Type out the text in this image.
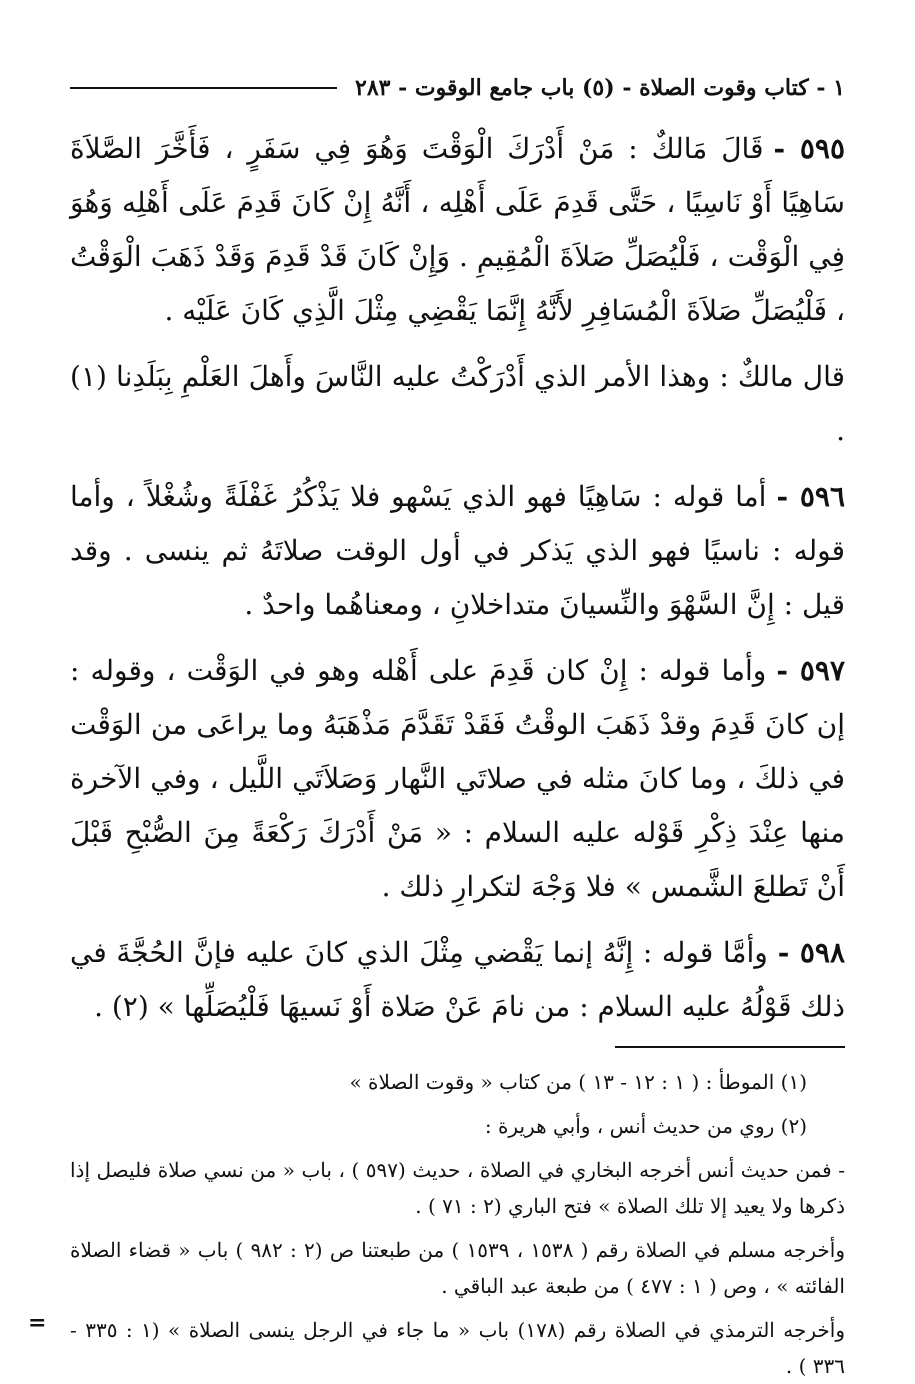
١ - كتاب وقوت الصلاة - (٥) باب جامع الوقوت - ٢٨٣

٥٩٥ -قَالَ مَالكٌ : مَنْ أَدْرَكَ الْوَقْتَ وَهُوَ فِي سَفَرٍ ، فَأَخَّرَ الصَّلاَةَ سَاهِيًا أَوْ نَاسِيًا ، حَتَّى قَدِمَ عَلَى أَهْلِه ، أَنَّهُ إِنْ كَانَ قَدِمَ عَلَى أَهْلِه وَهُوَ فِي الْوَقْت ، فَلْيُصَلِّ صَلاَةَ الْمُقِيمِ . وَإِنْ كَانَ قَدْ قَدِمَ وَقَدْ ذَهَبَ الْوَقْتُ ، فَلْيُصَلِّ صَلاَةَ الْمُسَافِرِ لأَنَّهُ إِنَّمَا يَقْضِي مِثْلَ الَّذِي كَانَ عَلَيْه .

قال مالكٌ : وهذا الأمر الذي أَدْرَكْتُ عليه النَّاسَ وأَهلَ العَلْمِ بِبَلَدِنا (١) .

٥٩٦ -أما قوله : سَاهِيًا فهو الذي يَسْهو فلا يَذْكُرُ غَفْلَةً وشُغْلاً ، وأما قوله : ناسيًا فهو الذي يَذكر في أول الوقت صلاتَهُ ثم ينسى . وقد قيل : إِنَّ السَّهْوَ والنِّسيانَ متداخلانِ ، ومعناهُما واحدٌ .

٥٩٧ -وأما قوله : إِنْ كان قَدِمَ على أَهْله وهو في الوَقْت ، وقوله : إن كانَ قَدِمَ وقدْ ذَهَبَ الوقْتُ فَقَدْ تَقَدَّمَ مَذْهَبَهُ وما يراعَى من الوَقْت في ذلكَ ، وما كانَ مثله في صلاتَي النَّهار وَصَلاَتَي اللَّيل ، وفي الآخرة منها عِنْدَ ذِكْرِ قَوْله عليه السلام : « مَنْ أَدْرَكَ رَكْعَةً مِنَ الصُّبْحِ قَبْلَ أَنْ تَطلعَ الشَّمس » فلا وَجْهَ لتكرارِ ذلك .

٥٩٨ -وأمَّا قوله : إِنَّهُ إنما يَقْضي مِثْلَ الذي كانَ عليه فإنَّ الحُجَّةَ في ذلك قَوْلُهُ عليه السلام : من نامَ عَنْ صَلاة أَوْ نَسيهَا فَلْيُصَلِّها » (٢) .

(١) الموطأ : ( ١ : ١٢ - ١٣ ) من كتاب « وقوت الصلاة »

(٢) روي من حديث أنس ، وأبي هريرة :

- فمن حديث أنس أخرجه البخاري في الصلاة ، حديث (٥٩٧ ) ، باب « من نسي صلاة فليصل إذا ذكرها ولا يعيد إلا تلك الصلاة » فتح الباري (٢ : ٧١ ) .

وأخرجه مسلم في الصلاة رقم ( ١٥٣٨ ، ١٥٣٩ ) من طبعتنا ص (٢ : ٩٨٢ ) باب « قضاء الصلاة الفائته » ، وص ( ١ : ٤٧٧ ) من طبعة عبد الباقي .

وأخرجه الترمذي في الصلاة رقم (١٧٨) باب « ما جاء في الرجل ينسى الصلاة » (١ : ٣٣٥ - ٣٣٦ ) .

=
